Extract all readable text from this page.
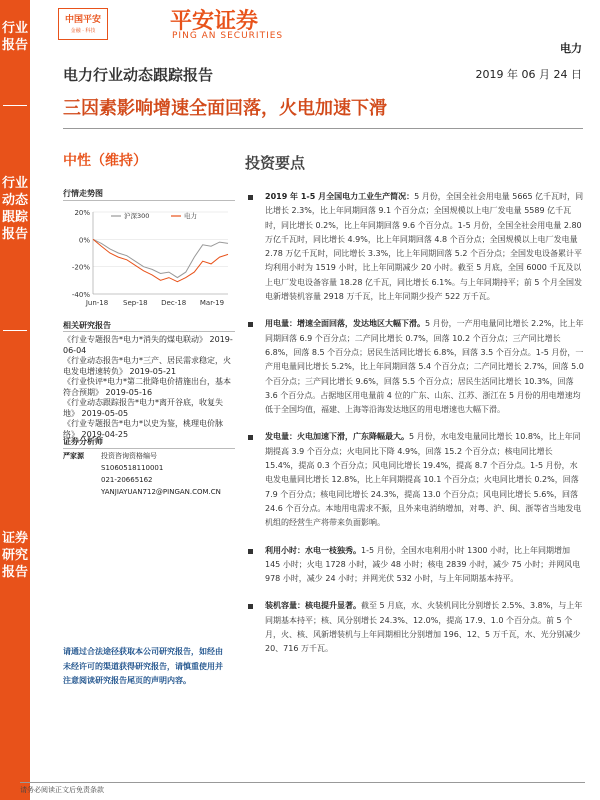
行业报告
行业动态跟踪报告
证券研究报告
中国平安
金融 · 科技	平安证券
PING AN SECURITIES
电力
电力行业动态跟踪报告	2019 年 06 月 24 日
三因素影响增速全面回落，火电加速下滑
中性（维持）	投资要点
行情走势图
20%
0%
-20%
-40%
Jun-18 Sep-18 Dec-18 Mar-19
沪深300	电力
相关研究报告
《行业专题报告*电力*消失的煤电联动》 2019-06-04
《行业动态报告*电力*三产、居民需求稳定，火电发电增速转负》 2019-05-21
《行业快评*电力*第二批降电价措施出台，基本符合预期》 2019-05-16
《行业动态跟踪报告*电力*离开谷底，收复失地》 2019-05-05
《行业专题报告*电力*以史为鉴，桃理电价脉络》 2019-04-25
证券分析师
严家源 投资咨询资格编号
S1060518110001
021-20665162
YANJIAYUAN712@PINGAN.COM.CN
请通过合法途径获取本公司研究报告，如经由未经许可的渠道获得研究报告，请慎重使用并注意阅读研究报告尾页的声明内容。
2019 年 1-5 月全国电力工业生产简况：5 月份，全国全社会用电量 5665 亿千瓦时，同比增长 2.3%，比上年同期回落 9.1 个百分点；全国规模以上电厂发电量 5589 亿千瓦时，同比增长 0.2%，比上年同期回落 9.6 个百分点。1-5 月份，全国全社会用电量 2.80 万亿千瓦时，同比增长 4.9%，比上年同期回落 4.8 个百分点；全国规模以上电厂发电量 2.78 万亿千瓦时，同比增长 3.3%，比上年同期回落 5.2 个百分点；全国发电设备累计平均利用小时为 1519 小时，比上年同期减少 20 小时。截至 5 月底，全国 6000 千瓦及以上电厂发电设备容量 18.28 亿千瓦，同比增长 6.1%。与上年同期持平；前 5 个月全国发电新增装机容量 2918 万千瓦，比上年同期少投产 522 万千瓦。
用电量：增速全面回落，发达地区大幅下滑。5 月份，一产用电量同比增长 2.2%，比上年同期回落 6.9 个百分点；二产同比增长 0.7%，回落 10.2 个百分点；三产同比增长 6.8%，回落 8.5 个百分点；居民生活同比增长 6.8%，回落 3.5 个百分点。1-5 月份，一产用电量同比增长 5.2%，比上年同期回落 5.4 个百分点；二产同比增长 2.7%，回落 5.0 个百分点；三产同比增长 9.6%，回落 5.5 个百分点；居民生活同比增长 10.3%，回落 3.6 个百分点。占据地区用电量前 4 位的广东、山东、江苏、浙江在 5 月份的用电增速均低于全国均值，福建、上海等沿海发达地区的用电增速也大幅下滑。
发电量：火电加速下滑，广东降幅最大。5 月份，水电发电量同比增长 10.8%，比上年同期提高 3.9 个百分点；火电同比下降 4.9%，回落 15.2 个百分点；核电同比增长 15.4%，提高 0.3 个百分点；风电同比增长 19.4%，提高 8.7 个百分点。1-5 月份，水电发电量同比增长 12.8%，比上年同期提高 10.1 个百分点；火电同比增长 0.2%，回落 7.9 个百分点；核电同比增长 24.3%，提高 13.0 个百分点；风电同比增长 5.6%，回落 24.6 个百分点。本地用电需求不振，且外来电消纳增加，对粤、沪、闽、浙等省当地发电机组的经营生产将带来负面影响。
利用小时：水电一枝独秀。1-5 月份，全国水电利用小时 1300 小时，比上年同期增加 145 小时；火电 1728 小时，减少 48 小时；核电 2839 小时，减少 75 小时；并网风电 978 小时，减少 24 小时；并网光伏 532 小时，与上年同期基本持平。
装机容量：核电提升显著。截至 5 月底，水、火装机同比分别增长 2.5%、3.8%，与上年同期基本持平；核、风分别增长 24.3%、12.0%，提高 17.9、1.0 个百分点。前 5 个月，火、核、风新增装机与上年同期相比分别增加 196、12、5 万千瓦，水、光分别减少 20、716 万千瓦。
请务必阅读正文后免责条款
